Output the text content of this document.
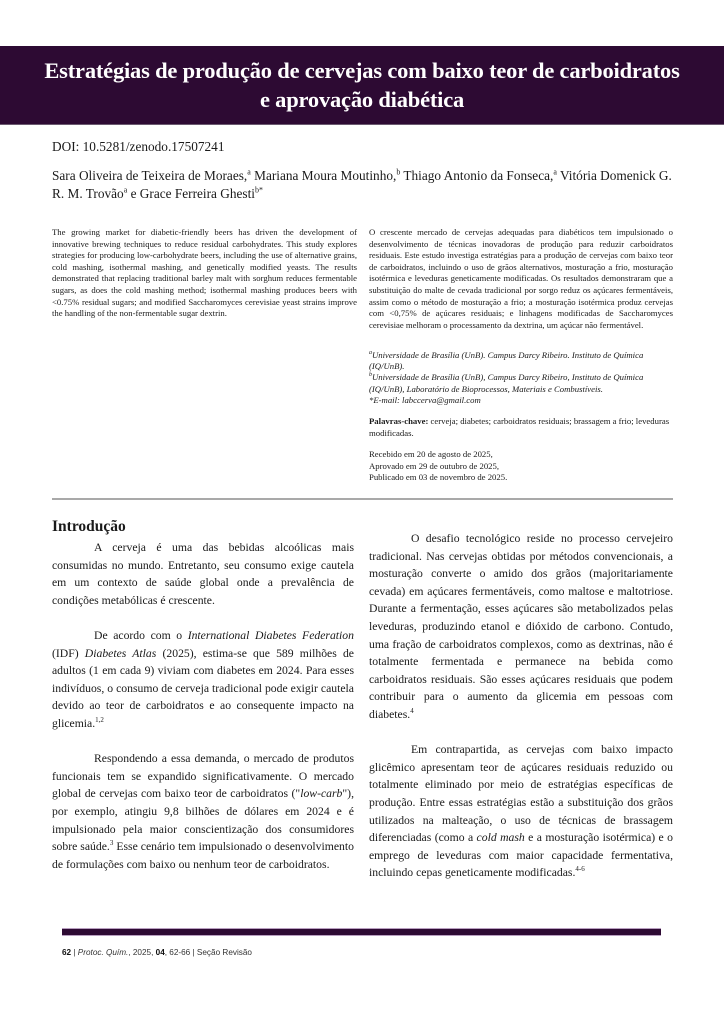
Estratégias de produção de cervejas com baixo teor de carboidratos e aprovação diabética
DOI: 10.5281/zenodo.17507241
Sara Oliveira de Teixeira de Moraes,$^a$ Mariana Moura Moutinho,$^b$ Thiago Antonio da Fonseca,$^a$ Vitória Domenick G. R. M. Trovão$^a$ e Grace Ferreira Ghesti$^{b*}$
The growing market for diabetic-friendly beers has driven the development of innovative brewing techniques to reduce residual carbohydrates. This study explores strategies for producing low-carbohydrate beers, including the use of alternative grains, cold mashing, isothermal mashing, and genetically modified yeasts. The results demonstrated that replacing traditional barley malt with sorghum reduces fermentable sugars, as does the cold mashing method; isothermal mashing produces beers with <0.75% residual sugars; and modified Saccharomyces cerevisiae yeast strains improve the handling of the non-fermentable sugar dextrin.
O crescente mercado de cervejas adequadas para diabéticos tem impulsionado o desenvolvimento de técnicas inovadoras de produção para reduzir carboidratos residuais. Este estudo investiga estratégias para a produção de cervejas com baixo teor de carboidratos, incluindo o uso de grãos alternativos, mosturação a frio, mosturação isotérmica e leveduras geneticamente modificadas. Os resultados demonstraram que a substituição do malte de cevada tradicional por sorgo reduz os açúcares fermentáveis, assim como o método de mosturação a frio; a mosturação isotérmica produz cervejas com <0,75% de açúcares residuais; e linhagens modificadas de Saccharomyces cerevisiae melhoram o processamento da dextrina, um açúcar não fermentável.
$^a$Universidade de Brasília (UnB). Campus Darcy Ribeiro. Instituto de Química (IQ/UnB).
$^b$Universidade de Brasília (UnB), Campus Darcy Ribeiro, Instituto de Química (IQ/UnB), Laboratório de Bioprocessos, Materiais e Combustíveis.
*E-mail: labccerva@gmail.com
Palavras-chave: cerveja; diabetes; carboidratos residuais; brassagem a frio; leveduras modificadas.
Recebido em 20 de agosto de 2025,
Aprovado em 29 de outubro de 2025,
Publicado em 03 de novembro de 2025.
Introdução

A cerveja é uma das bebidas alcoólicas mais consumidas no mundo. Entretanto, seu consumo exige cautela em um contexto de saúde global onde a prevalência de condições metabólicas é crescente.

De acordo com o International Diabetes Federation (IDF) Diabetes Atlas (2025), estima-se que 589 milhões de adultos (1 em cada 9) viviam com diabetes em 2024. Para esses indivíduos, o consumo de cerveja tradicional pode exigir cautela devido ao teor de carboidratos e ao consequente impacto na glicemia.$^{1,2}$

Respondendo a essa demanda, o mercado de produtos funcionais tem se expandido significativamente. O mercado global de cervejas com baixo teor de carboidratos ("low-carb"), por exemplo, atingiu 9,8 bilhões de dólares em 2024 e é impulsionado pela maior conscientização dos consumidores sobre saúde.$^3$ Esse cenário tem impulsionado o desenvolvimento de formulações com baixo ou nenhum teor de carboidratos.

O desafio tecnológico reside no processo cervejeiro tradicional. Nas cervejas obtidas por métodos convencionais, a mosturação converte o amido dos grãos (majoritariamente cevada) em açúcares fermentáveis, como maltose e maltotriose. Durante a fermentação, esses açúcares são metabolizados pelas leveduras, produzindo etanol e dióxido de carbono. Contudo, uma fração de carboidratos complexos, como as dextrinas, não é totalmente fermentada e permanece na bebida como carboidratos residuais. São esses açúcares residuais que podem contribuir para o aumento da glicemia em pessoas com diabetes.$^4$

Em contrapartida, as cervejas com baixo impacto glicêmico apresentam teor de açúcares residuais reduzido ou totalmente eliminado por meio de estratégias específicas de produção. Entre essas estratégias estão a substituição dos grãos utilizados na malteação, o uso de técnicas de brassagem diferenciadas (como a cold mash e a mosturação isotérmica) e o emprego de leveduras com maior capacidade fermentativa, incluindo cepas geneticamente modificadas.$^{4-6}$

62 | Protoc. Quím., 2025, 04, 62-66 | Seção Revisão
